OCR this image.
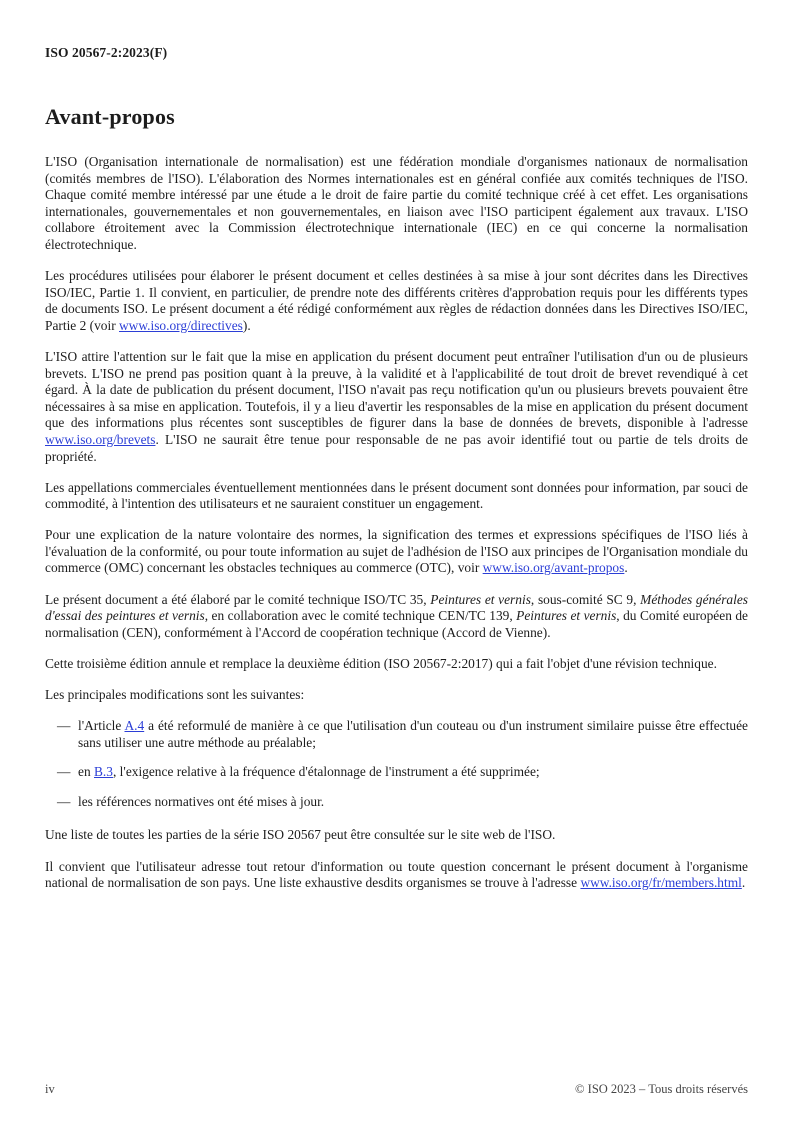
ISO 20567-2:2023(F)
Avant-propos

L'ISO (Organisation internationale de normalisation) est une fédération mondiale d'organismes nationaux de normalisation (comités membres de l'ISO). L'élaboration des Normes internationales est en général confiée aux comités techniques de l'ISO. Chaque comité membre intéressé par une étude a le droit de faire partie du comité technique créé à cet effet. Les organisations internationales, gouvernementales et non gouvernementales, en liaison avec l'ISO participent également aux travaux. L'ISO collabore étroitement avec la Commission électrotechnique internationale (IEC) en ce qui concerne la normalisation électrotechnique.

Les procédures utilisées pour élaborer le présent document et celles destinées à sa mise à jour sont décrites dans les Directives ISO/IEC, Partie 1. Il convient, en particulier, de prendre note des différents critères d'approbation requis pour les différents types de documents ISO. Le présent document a été rédigé conformément aux règles de rédaction données dans les Directives ISO/IEC, Partie 2 (voir www.iso.org/directives).

L'ISO attire l'attention sur le fait que la mise en application du présent document peut entraîner l'utilisation d'un ou de plusieurs brevets. L'ISO ne prend pas position quant à la preuve, à la validité et à l'applicabilité de tout droit de brevet revendiqué à cet égard. À la date de publication du présent document, l'ISO n'avait pas reçu notification qu'un ou plusieurs brevets pouvaient être nécessaires à sa mise en application. Toutefois, il y a lieu d'avertir les responsables de la mise en application du présent document que des informations plus récentes sont susceptibles de figurer dans la base de données de brevets, disponible à l'adresse www.iso.org/brevets. L'ISO ne saurait être tenue pour responsable de ne pas avoir identifié tout ou partie de tels droits de propriété.

Les appellations commerciales éventuellement mentionnées dans le présent document sont données pour information, par souci de commodité, à l'intention des utilisateurs et ne sauraient constituer un engagement.

Pour une explication de la nature volontaire des normes, la signification des termes et expressions spécifiques de l'ISO liés à l'évaluation de la conformité, ou pour toute information au sujet de l'adhésion de l'ISO aux principes de l'Organisation mondiale du commerce (OMC) concernant les obstacles techniques au commerce (OTC), voir www.iso.org/avant-propos.

Le présent document a été élaboré par le comité technique ISO/TC 35, Peintures et vernis, sous-comité SC 9, Méthodes générales d'essai des peintures et vernis, en collaboration avec le comité technique CEN/TC 139, Peintures et vernis, du Comité européen de normalisation (CEN), conformément à l'Accord de coopération technique (Accord de Vienne).

Cette troisième édition annule et remplace la deuxième édition (ISO 20567-2:2017) qui a fait l'objet d'une révision technique.

Les principales modifications sont les suivantes:

— l'Article A.4 a été reformulé de manière à ce que l'utilisation d'un couteau ou d'un instrument similaire puisse être effectuée sans utiliser une autre méthode au préalable;
— en B.3, l'exigence relative à la fréquence d'étalonnage de l'instrument a été supprimée;
— les références normatives ont été mises à jour.

Une liste de toutes les parties de la série ISO 20567 peut être consultée sur le site web de l'ISO.

Il convient que l'utilisateur adresse tout retour d'information ou toute question concernant le présent document à l'organisme national de normalisation de son pays. Une liste exhaustive desdits organismes se trouve à l'adresse www.iso.org/fr/members.html.

iv	© ISO 2023 – Tous droits réservés
